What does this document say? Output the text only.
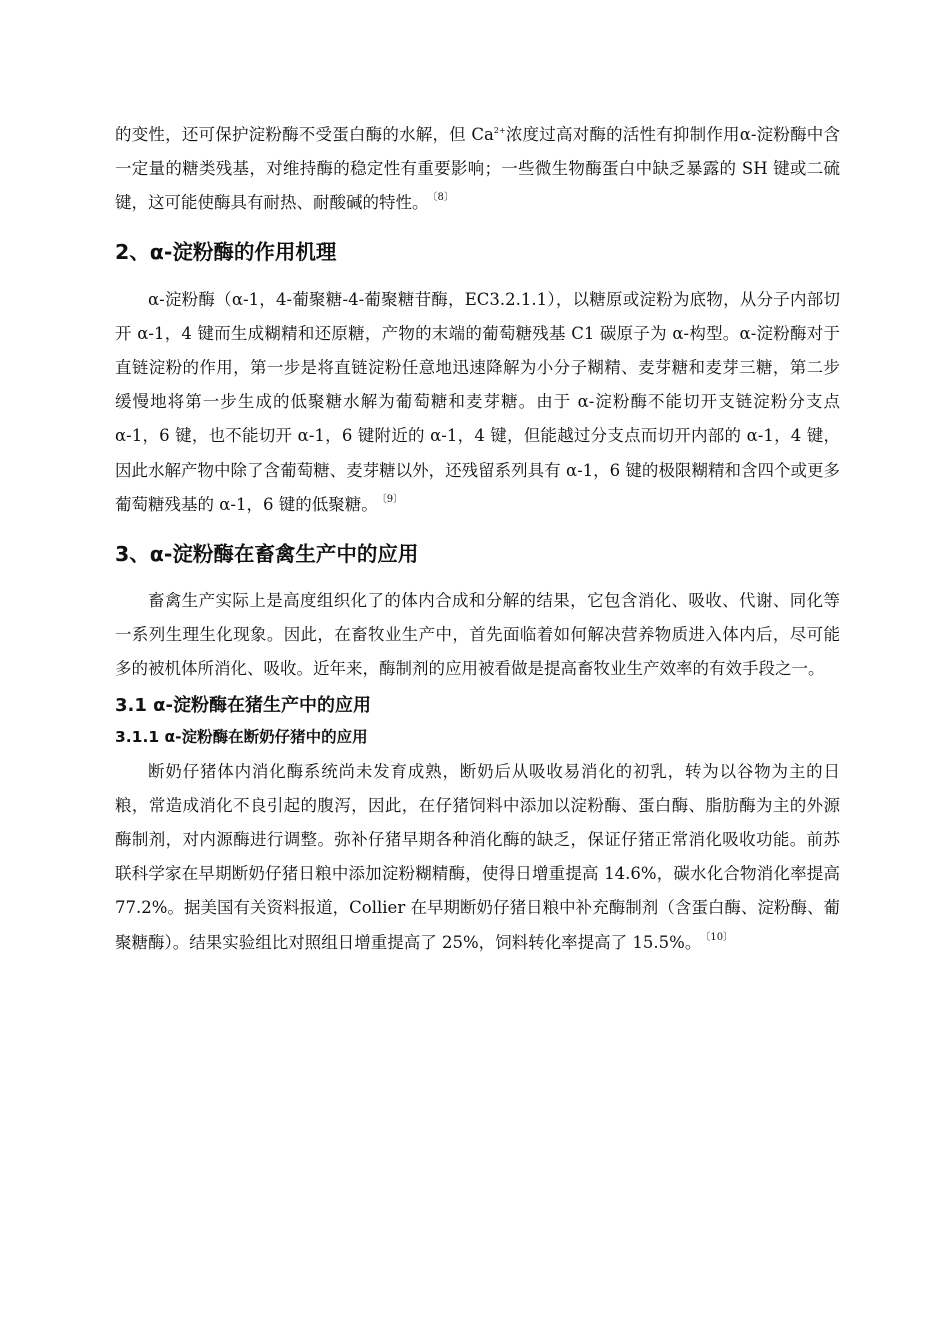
的变性，还可保护淀粉酶不受蛋白酶的水解，但 $Ca^{2+}$浓度过高对酶的活性有抑制作用α-淀粉酶中含一定量的糖类残基，对维持酶的稳定性有重要影响；一些微生物酶蛋白中缺乏暴露的 SH 键或二硫键，这可能使酶具有耐热、耐酸碱的特性。 $^{〔8〕}$

2、α-淀粉酶的作用机理

α-淀粉酶（α-1，4-葡聚糖-4-葡聚糖苷酶，EC3.2.1.1），以糖原或淀粉为底物，从分子内部切开 α-1，4 键而生成糊精和还原糖，产物的末端的葡萄糖残基 C1 碳原子为 α-构型。α-淀粉酶对于直链淀粉的作用，第一步是将直链淀粉任意地迅速降解为小分子糊精、麦芽糖和麦芽三糖，第二步缓慢地将第一步生成的低聚糖水解为葡萄糖和麦芽糖。由于 α-淀粉酶不能切开支链淀粉分支点 α-1，6 键，也不能切开 α-1，6 键附近的 α-1，4 键，但能越过分支点而切开内部的 α-1，4 键，因此水解产物中除了含葡萄糖、麦芽糖以外，还残留系列具有 α-1，6 键的极限糊精和含四个或更多葡萄糖残基的 α-1，6 键的低聚糖。 $^{〔9〕}$

3、α-淀粉酶在畜禽生产中的应用

畜禽生产实际上是高度组织化了的体内合成和分解的结果，它包含消化、吸收、代谢、同化等一系列生理生化现象。因此，在畜牧业生产中，首先面临着如何解决营养物质进入体内后，尽可能多的被机体所消化、吸收。近年来，酶制剂的应用被看做是提高畜牧业生产效率的有效手段之一。

3.1 α-淀粉酶在猪生产中的应用
3.1.1 α-淀粉酶在断奶仔猪中的应用

断奶仔猪体内消化酶系统尚未发育成熟，断奶后从吸收易消化的初乳，转为以谷物为主的日粮，常造成消化不良引起的腹泻，因此，在仔猪饲料中添加以淀粉酶、蛋白酶、脂肪酶为主的外源酶制剂，对内源酶进行调整。弥补仔猪早期各种消化酶的缺乏，保证仔猪正常消化吸收功能。前苏联科学家在早期断奶仔猪日粮中添加淀粉糊精酶，使得日增重提高 14.6%，碳水化合物消化率提高 77.2%。据美国有关资料报道，Collier 在早期断奶仔猪日粮中补充酶制剂（含蛋白酶、淀粉酶、葡聚糖酶）。结果实验组比对照组日增重提高了 25%，饲料转化率提高了 15.5%。 $^{〔10〕}$
